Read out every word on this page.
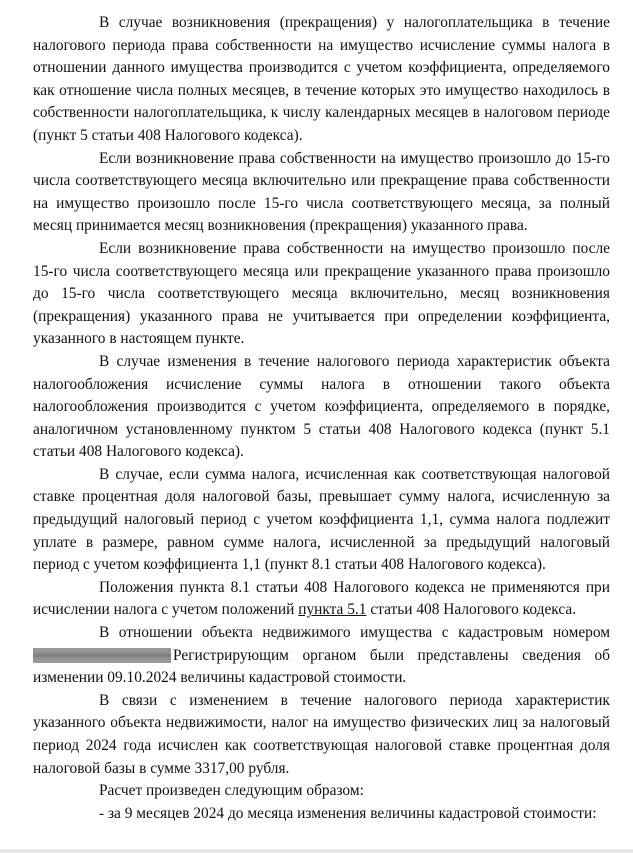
В случае возникновения (прекращения) у налогоплательщика в течение налогового периода права собственности на имущество исчисление суммы налога в отношении данного имущества производится с учетом коэффициента, определяемого как отношение числа полных месяцев, в течение которых это имущество находилось в собственности налогоплательщика, к числу календарных месяцев в налоговом периоде (пункт 5 статьи 408 Налогового кодекса).

Если возникновение права собственности на имущество произошло до 15-го числа соответствующего месяца включительно или прекращение права собственности на имущество произошло после 15-го числа соответствующего месяца, за полный месяц принимается месяц возникновения (прекращения) указанного права.

Если возникновение права собственности на имущество произошло после 15-го числа соответствующего месяца или прекращение указанного права произошло до 15-го числа соответствующего месяца включительно, месяц возникновения (прекращения) указанного права не учитывается при определении коэффициента, указанного в настоящем пункте.

В случае изменения в течение налогового периода характеристик объекта налогообложения исчисление суммы налога в отношении такого объекта налогообложения производится с учетом коэффициента, определяемого в порядке, аналогичном установленному пунктом 5 статьи 408 Налогового кодекса (пункт 5.1 статьи 408 Налогового кодекса).

В случае, если сумма налога, исчисленная как соответствующая налоговой ставке процентная доля налоговой базы, превышает сумму налога, исчисленную за предыдущий налоговый период с учетом коэффициента 1,1, сумма налога подлежит уплате в размере, равном сумме налога, исчисленной за предыдущий налоговый период с учетом коэффициента 1,1 (пункт 8.1 статьи 408 Налогового кодекса).

Положения пункта 8.1 статьи 408 Налогового кодекса не применяются при исчислении налога с учетом положений пункта 5.1 статьи 408 Налогового кодекса.

В отношении объекта недвижимого имущества с кадастровым номером Регистрирующим органом были представлены сведения об изменении 09.10.2024 величины кадастровой стоимости.

В связи с изменением в течение налогового периода характеристик указанного объекта недвижимости, налог на имущество физических лиц за налоговый период 2024 года исчислен как соответствующая налоговой ставке процентная доля налоговой базы в сумме 3317,00 рубля.

Расчет произведен следующим образом:

- за 9 месяцев 2024 до месяца изменения величины кадастровой стоимости:
